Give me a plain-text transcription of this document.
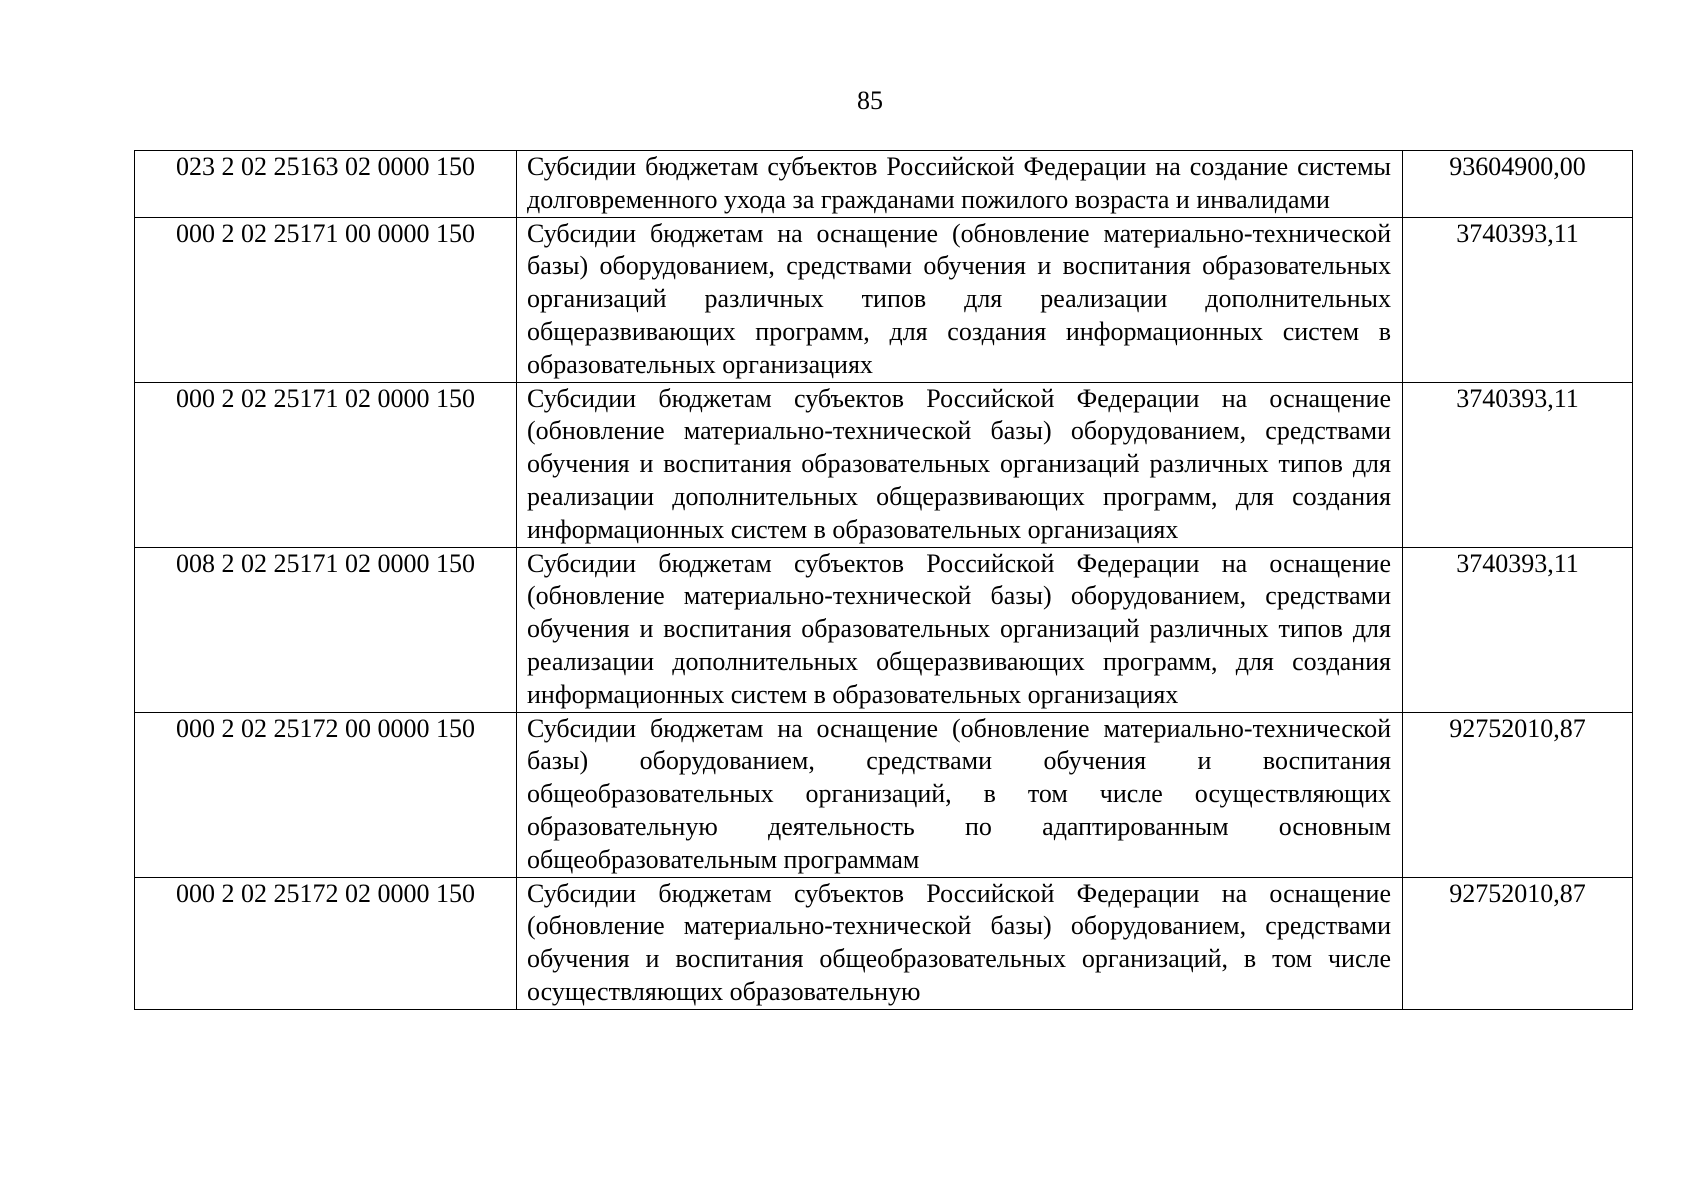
85
023 2 02 25163 02 0000 150	Субсидии бюджетам субъектов Российской Федерации на создание системы долговременного ухода за гражданами пожилого возраста и инвалидами	93604900,00
000 2 02 25171 00 0000 150	Субсидии бюджетам на оснащение (обновление материально-технической базы) оборудованием, средствами обучения и воспитания образовательных организаций различных типов для реализации дополнительных общеразвивающих программ, для создания информационных систем в образовательных организациях	3740393,11
000 2 02 25171 02 0000 150	Субсидии бюджетам субъектов Российской Федерации на оснащение (обновление материально-технической базы) оборудованием, средствами обучения и воспитания образовательных организаций различных типов для реализации дополнительных общеразвивающих программ, для создания информационных систем в образовательных организациях	3740393,11
008 2 02 25171 02 0000 150	Субсидии бюджетам субъектов Российской Федерации на оснащение (обновление материально-технической базы) оборудованием, средствами обучения и воспитания образовательных организаций различных типов для реализации дополнительных общеразвивающих программ, для создания информационных систем в образовательных организациях	3740393,11
000 2 02 25172 00 0000 150	Субсидии бюджетам на оснащение (обновление материально-технической базы) оборудованием, средствами обучения и воспитания общеобразовательных организаций, в том числе осуществляющих образовательную деятельность по адаптированным основным общеобразовательным программам	92752010,87
000 2 02 25172 02 0000 150	Субсидии бюджетам субъектов Российской Федерации на оснащение (обновление материально-технической базы) оборудованием, средствами обучения и воспитания общеобразовательных организаций, в том числе осуществляющих образовательную	92752010,87
